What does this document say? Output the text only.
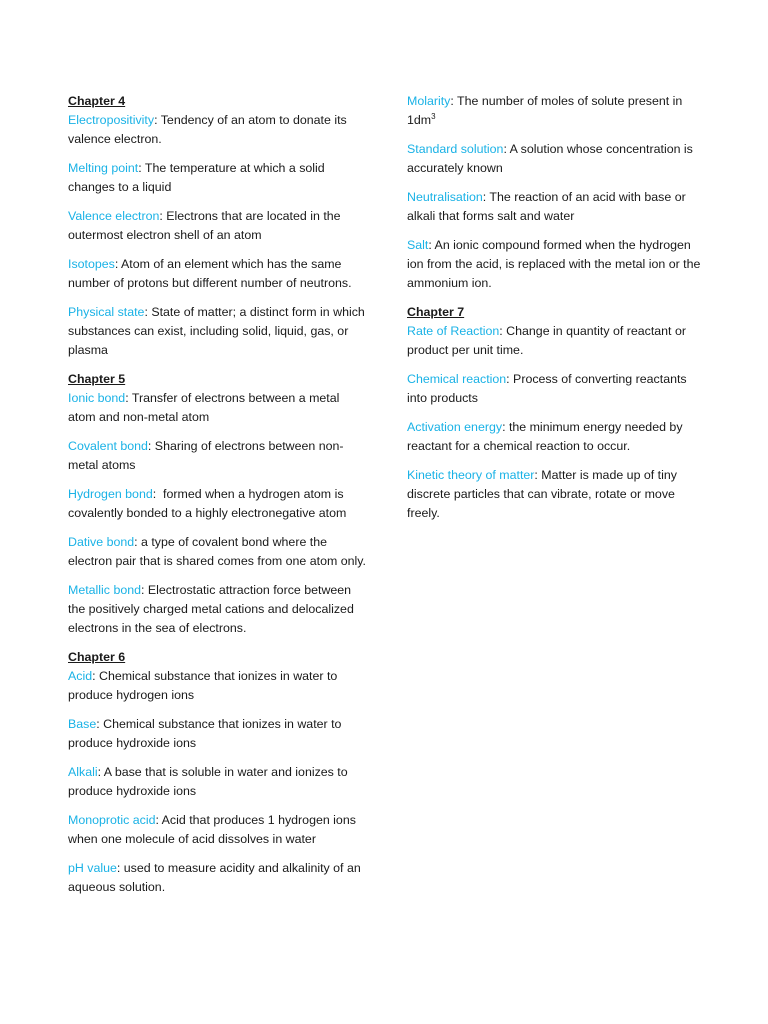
Chapter 4

Electropositivity: Tendency of an atom to donate its valence electron.

Melting point: The temperature at which a solid changes to a liquid

Valence electron: Electrons that are located in the outermost electron shell of an atom

Isotopes: Atom of an element which has the same number of protons but different number of neutrons.

Physical state: State of matter; a distinct form in which substances can exist, including solid, liquid, gas, or plasma

Chapter 5

Ionic bond: Transfer of electrons between a metal atom and non-metal atom

Covalent bond: Sharing of electrons between non-metal atoms

Hydrogen bond:  formed when a hydrogen atom is covalently bonded to a highly electronegative atom

Dative bond: a type of covalent bond where the electron pair that is shared comes from one atom only.

Metallic bond: Electrostatic attraction force between the positively charged metal cations and delocalized electrons in the sea of electrons.

Chapter 6

Acid: Chemical substance that ionizes in water to produce hydrogen ions

Base: Chemical substance that ionizes in water to produce hydroxide ions

Alkali: A base that is soluble in water and ionizes to produce hydroxide ions

Monoprotic acid: Acid that produces 1 hydrogen ions when one molecule of acid dissolves in water

pH value: used to measure acidity and alkalinity of an aqueous solution.

Molarity: The number of moles of solute present in $1dm^3$

Standard solution: A solution whose concentration is accurately known

Neutralisation: The reaction of an acid with base or alkali that forms salt and water

Salt: An ionic compound formed when the hydrogen ion from the acid, is replaced with the metal ion or the ammonium ion.

Chapter 7

Rate of Reaction: Change in quantity of reactant or product per unit time.

Chemical reaction: Process of converting reactants into products

Activation energy: the minimum energy needed by reactant for a chemical reaction to occur.

Kinetic theory of matter: Matter is made up of tiny discrete particles that can vibrate, rotate or move freely.
